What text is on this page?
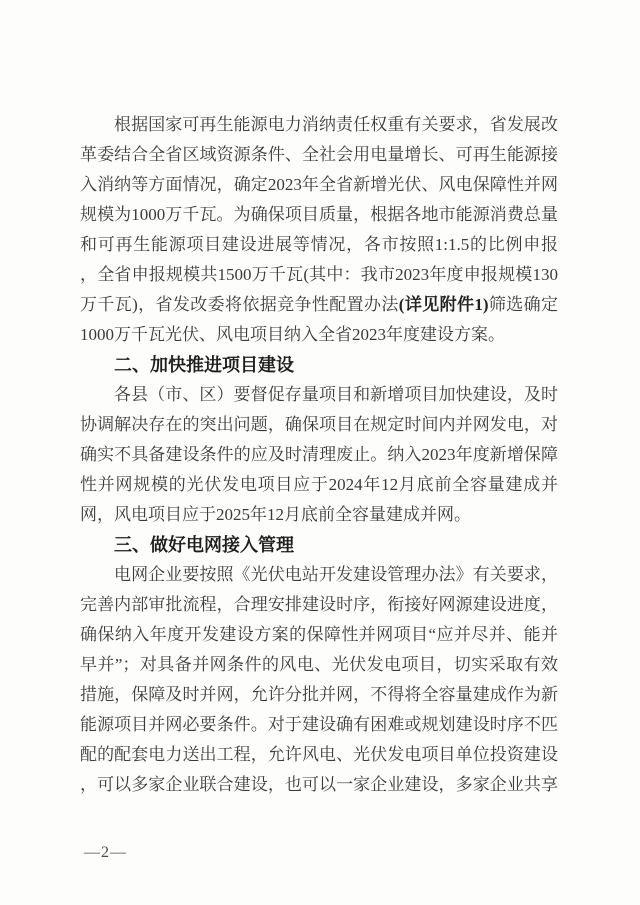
根据国家可再生能源电力消纳责任权重有关要求，省发展改
革委结合全省区域资源条件、全社会用电量增长、可再生能源接
入消纳等方面情况，确定2023年全省新增光伏、风电保障性并网
规模为1000万千瓦。为确保项目质量，根据各地市能源消费总量
和可再生能源项目建设进展等情况，各市按照1:1.5的比例申报
，全省申报规模共1500万千瓦(其中：我市2023年度申报规模130
万千瓦)，省发改委将依据竞争性配置办法(详见附件1)筛选确定
1000万千瓦光伏、风电项目纳入全省2023年度建设方案。
二、加快推进项目建设
各县（市、区）要督促存量项目和新增项目加快建设，及时
协调解决存在的突出问题，确保项目在规定时间内并网发电，对
确实不具备建设条件的应及时清理废止。纳入2023年度新增保障
性并网规模的光伏发电项目应于2024年12月底前全容量建成并
网，风电项目应于2025年12月底前全容量建成并网。
三、做好电网接入管理
电网企业要按照《光伏电站开发建设管理办法》有关要求，
完善内部审批流程，合理安排建设时序，衔接好网源建设进度，
确保纳入年度开发建设方案的保障性并网项目“应并尽并、能并
早并”；对具备并网条件的风电、光伏发电项目，切实采取有效
措施，保障及时并网，允许分批并网，不得将全容量建成作为新
能源项目并网必要条件。对于建设确有困难或规划建设时序不匹
配的配套电力送出工程，允许风电、光伏发电项目单位投资建设
，可以多家企业联合建设，也可以一家企业建设，多家企业共享
—2—
